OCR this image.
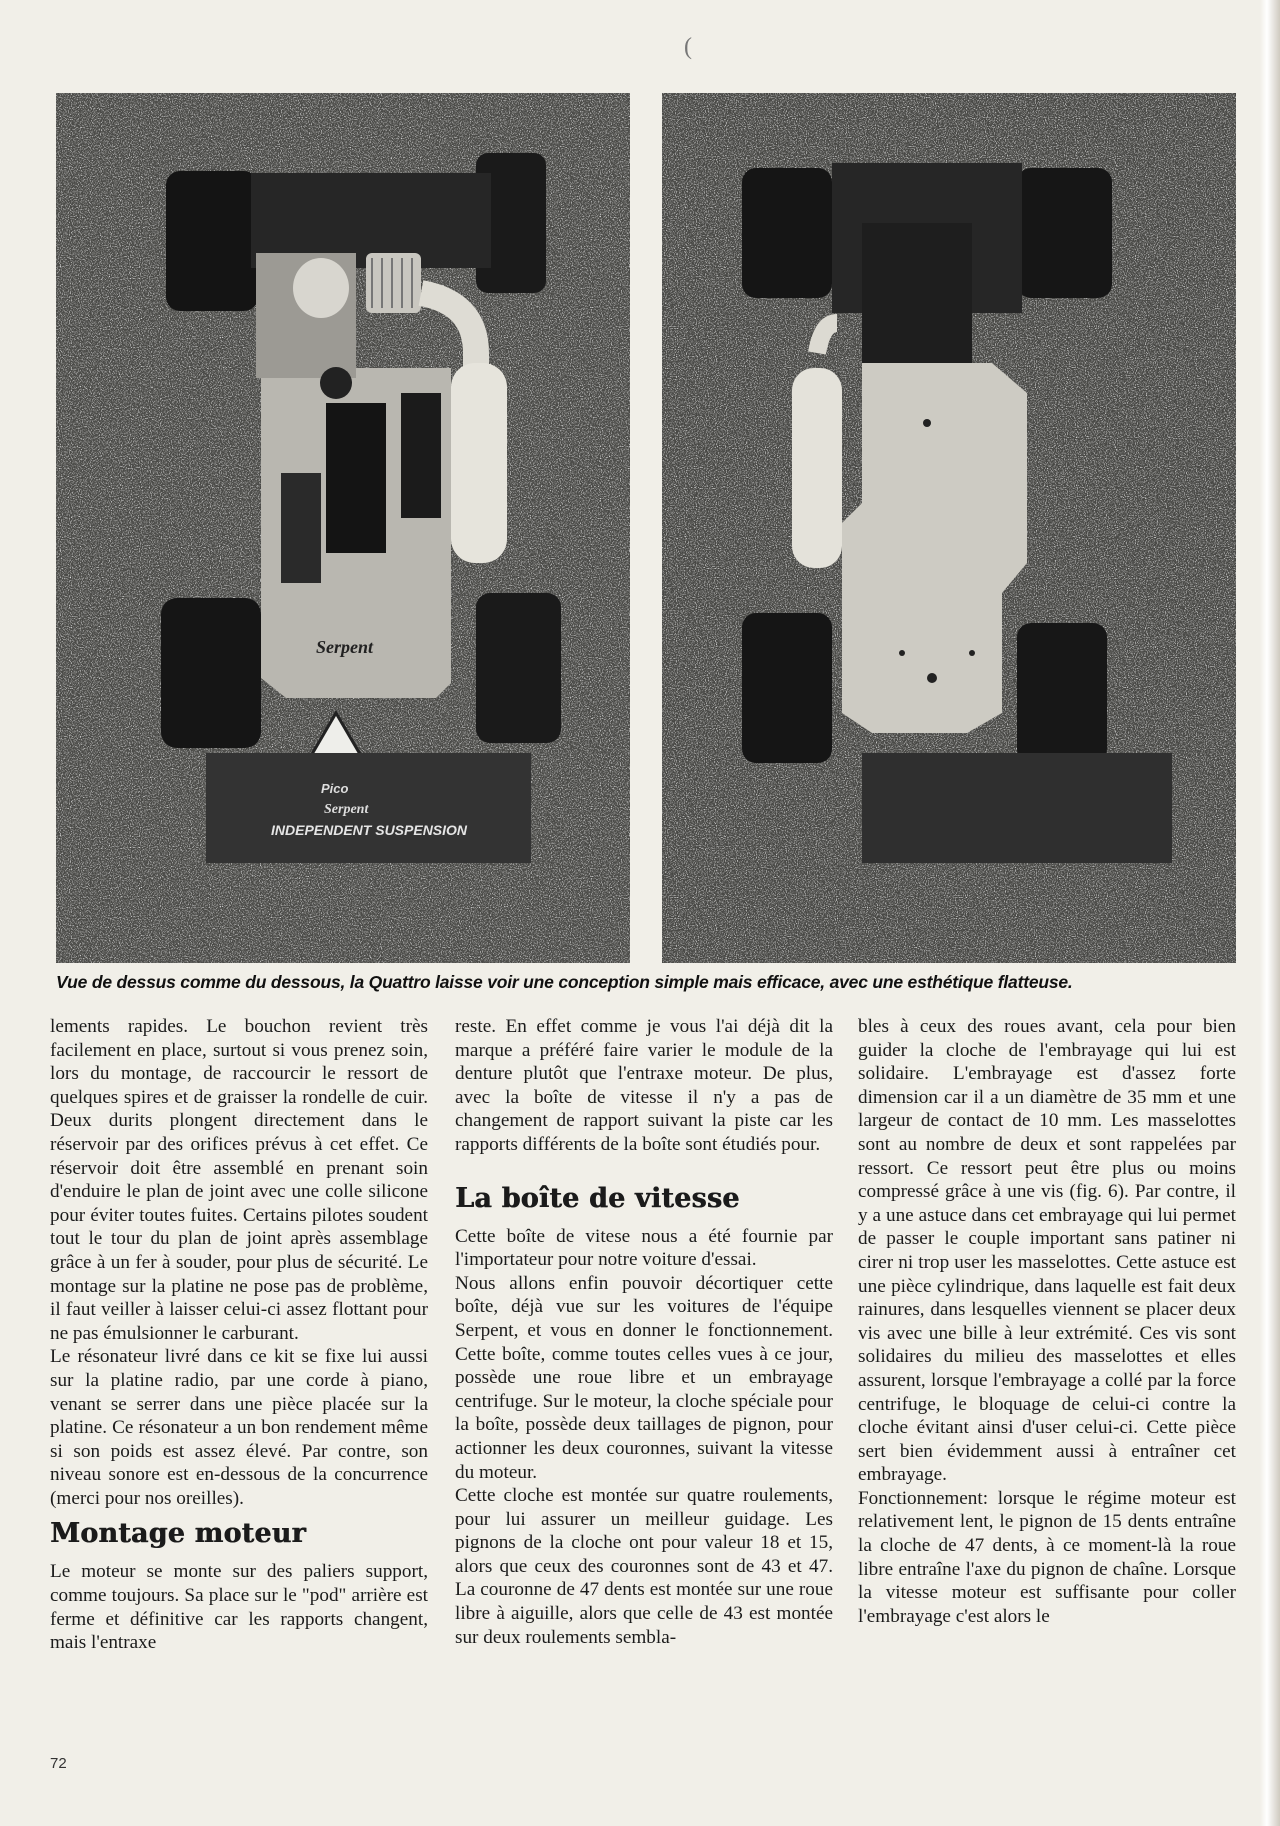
(
Serpent
Pico
Serpent
INDEPENDENT SUSPENSION
Vue de dessus comme du dessous, la Quattro laisse voir une conception simple mais efficace, avec une esthétique flatteuse.

lements rapides. Le bouchon revient très facilement en place, surtout si vous prenez soin, lors du montage, de raccourcir le ressort de quelques spires et de graisser la rondelle de cuir. Deux durits plongent directement dans le réservoir par des orifices prévus à cet effet. Ce réservoir doit être assemblé en prenant soin d'enduire le plan de joint avec une colle silicone pour éviter toutes fuites. Certains pilotes soudent tout le tour du plan de joint après assemblage grâce à un fer à souder, pour plus de sécurité. Le montage sur la platine ne pose pas de problème, il faut veiller à laisser celui-ci assez flottant pour ne pas émulsionner le carburant.

Le résonateur livré dans ce kit se fixe lui aussi sur la platine radio, par une corde à piano, venant se serrer dans une pièce placée sur la platine. Ce résonateur a un bon rendement même si son poids est assez élevé. Par contre, son niveau sonore est en-dessous de la concurrence (merci pour nos oreilles).

Montage moteur

Le moteur se monte sur des paliers support, comme toujours. Sa place sur le "pod" arrière est ferme et définitive car les rapports changent, mais l'entraxe

reste. En effet comme je vous l'ai déjà dit la marque a préféré faire varier le module de la denture plutôt que l'entraxe moteur. De plus, avec la boîte de vitesse il n'y a pas de changement de rapport suivant la piste car les rapports différents de la boîte sont étudiés pour.

La boîte de vitesse

Cette boîte de vitese nous a été fournie par l'importateur pour notre voiture d'essai.

Nous allons enfin pouvoir décortiquer cette boîte, déjà vue sur les voitures de l'équipe Serpent, et vous en donner le fonctionnement. Cette boîte, comme toutes celles vues à ce jour, possède une roue libre et un embrayage centrifuge. Sur le moteur, la cloche spéciale pour la boîte, possède deux taillages de pignon, pour actionner les deux couronnes, suivant la vitesse du moteur.

Cette cloche est montée sur quatre roulements, pour lui assurer un meilleur guidage. Les pignons de la cloche ont pour valeur 18 et 15, alors que ceux des couronnes sont de 43 et 47. La couronne de 47 dents est montée sur une roue libre à aiguille, alors que celle de 43 est montée sur deux roulements sembla-

bles à ceux des roues avant, cela pour bien guider la cloche de l'embrayage qui lui est solidaire. L'embrayage est d'assez forte dimension car il a un diamètre de 35 mm et une largeur de contact de 10 mm. Les masselottes sont au nombre de deux et sont rappelées par ressort. Ce ressort peut être plus ou moins compressé grâce à une vis (fig. 6). Par contre, il y a une astuce dans cet embrayage qui lui permet de passer le couple important sans patiner ni cirer ni trop user les masselottes. Cette astuce est une pièce cylindrique, dans laquelle est fait deux rainures, dans lesquelles viennent se placer deux vis avec une bille à leur extrémité. Ces vis sont solidaires du milieu des masselottes et elles assurent, lorsque l'embrayage a collé par la force centrifuge, le bloquage de celui-ci contre la cloche évitant ainsi d'user celui-ci. Cette pièce sert bien évidemment aussi à entraîner cet embrayage.

Fonctionnement: lorsque le régime moteur est relativement lent, le pignon de 15 dents entraîne la cloche de 47 dents, à ce moment-là la roue libre entraîne l'axe du pignon de chaîne. Lorsque la vitesse moteur est suffisante pour coller l'embrayage c'est alors le

72
